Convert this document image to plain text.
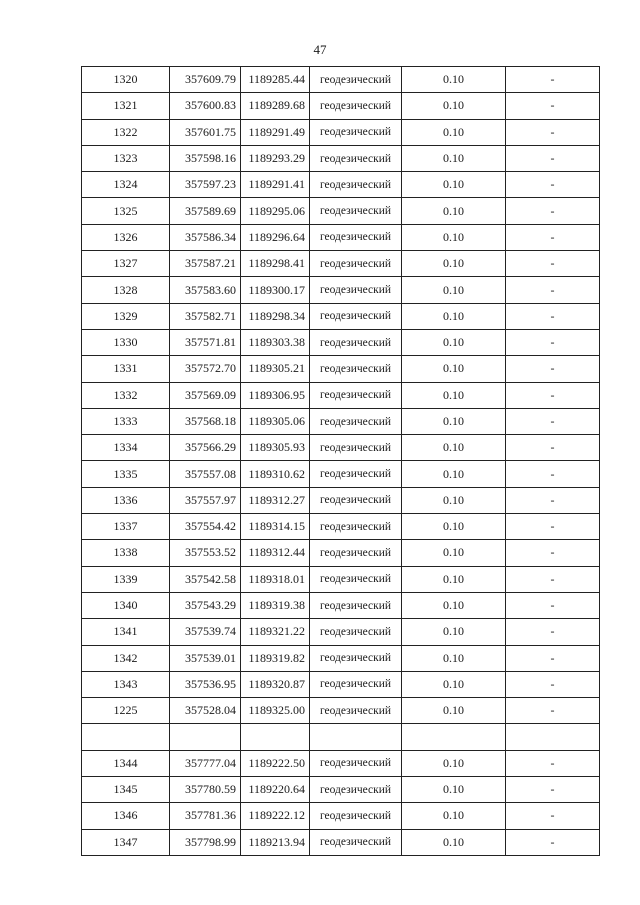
47
1320	357609.79	1189285.44	геодезический	0.10	-
1321	357600.83	1189289.68	геодезический	0.10	-
1322	357601.75	1189291.49	геодезический	0.10	-
1323	357598.16	1189293.29	геодезический	0.10	-
1324	357597.23	1189291.41	геодезический	0.10	-
1325	357589.69	1189295.06	геодезический	0.10	-
1326	357586.34	1189296.64	геодезический	0.10	-
1327	357587.21	1189298.41	геодезический	0.10	-
1328	357583.60	1189300.17	геодезический	0.10	-
1329	357582.71	1189298.34	геодезический	0.10	-
1330	357571.81	1189303.38	геодезический	0.10	-
1331	357572.70	1189305.21	геодезический	0.10	-
1332	357569.09	1189306.95	геодезический	0.10	-
1333	357568.18	1189305.06	геодезический	0.10	-
1334	357566.29	1189305.93	геодезический	0.10	-
1335	357557.08	1189310.62	геодезический	0.10	-
1336	357557.97	1189312.27	геодезический	0.10	-
1337	357554.42	1189314.15	геодезический	0.10	-
1338	357553.52	1189312.44	геодезический	0.10	-
1339	357542.58	1189318.01	геодезический	0.10	-
1340	357543.29	1189319.38	геодезический	0.10	-
1341	357539.74	1189321.22	геодезический	0.10	-
1342	357539.01	1189319.82	геодезический	0.10	-
1343	357536.95	1189320.87	геодезический	0.10	-
1225	357528.04	1189325.00	геодезический	0.10	-

1344	357777.04	1189222.50	геодезический	0.10	-
1345	357780.59	1189220.64	геодезический	0.10	-
1346	357781.36	1189222.12	геодезический	0.10	-
1347	357798.99	1189213.94	геодезический	0.10	-
